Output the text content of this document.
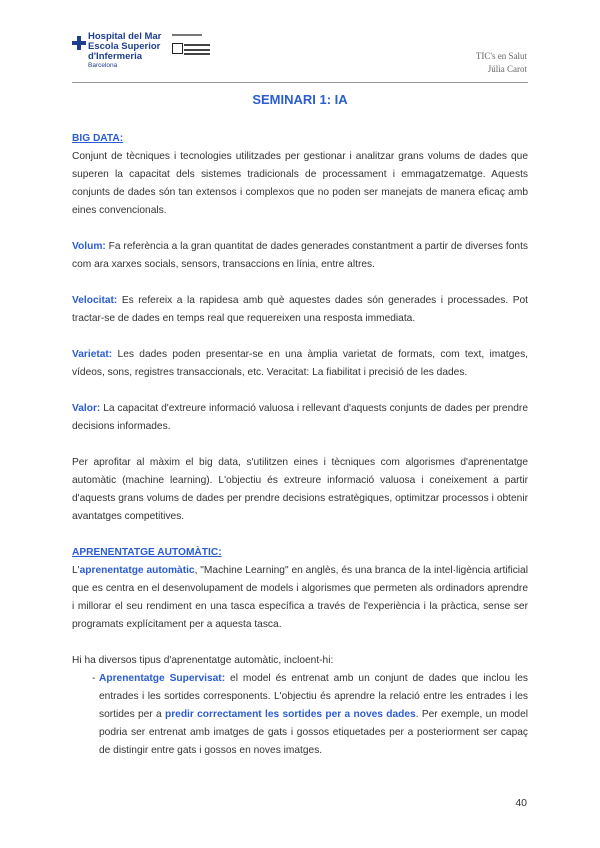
Hospital del Mar
Escola Superior
d'Infermeria
Barcelona
TIC's en Salut
Júlia Carot
SEMINARI 1: IA

BIG DATA:

Conjunt de tècniques i tecnologies utilitzades per gestionar i analitzar grans volums de dades que superen la capacitat dels sistemes tradicionals de processament i emmagatzematge. Aquests conjunts de dades són tan extensos i complexos que no poden ser manejats de manera eficaç amb eines convencionals.

Volum: Fa referència a la gran quantitat de dades generades constantment a partir de diverses fonts com ara xarxes socials, sensors, transaccions en línia, entre altres.

Velocitat: Es refereix a la rapidesa amb què aquestes dades són generades i processades. Pot tractar-se de dades en temps real que requereixen una resposta immediata.

Varietat: Les dades poden presentar-se en una àmplia varietat de formats, com text, imatges, vídeos, sons, registres transaccionals, etc. Veracitat: La fiabilitat i precisió de les dades.

Valor: La capacitat d'extreure informació valuosa i rellevant d'aquests conjunts de dades per prendre decisions informades.

Per aprofitar al màxim el big data, s'utilitzen eines i tècniques com algorismes d'aprenentatge automàtic (machine learning). L'objectiu és extreure informació valuosa i coneixement a partir d'aquests grans volums de dades per prendre decisions estratègiques, optimitzar processos i obtenir avantatges competitives.

APRENENTATGE AUTOMÀTIC:

L'aprenentatge automàtic, "Machine Learning" en anglès, és una branca de la intel·ligència artificial que es centra en el desenvolupament de models i algorismes que permeten als ordinadors aprendre i millorar el seu rendiment en una tasca específica a través de l'experiència i la pràctica, sense ser programats explícitament per a aquesta tasca.

Hi ha diversos tipus d'aprenentatge automàtic, incloent-hi:

- Aprenentatge Supervisat: el model és entrenat amb un conjunt de dades que inclou les entrades i les sortides corresponents. L'objectiu és aprendre la relació entre les entrades i les sortides per a predir correctament les sortides per a noves dades. Per exemple, un model podria ser entrenat amb imatges de gats i gossos etiquetades per a posteriorment ser capaç de distingir entre gats i gossos en noves imatges.
40
